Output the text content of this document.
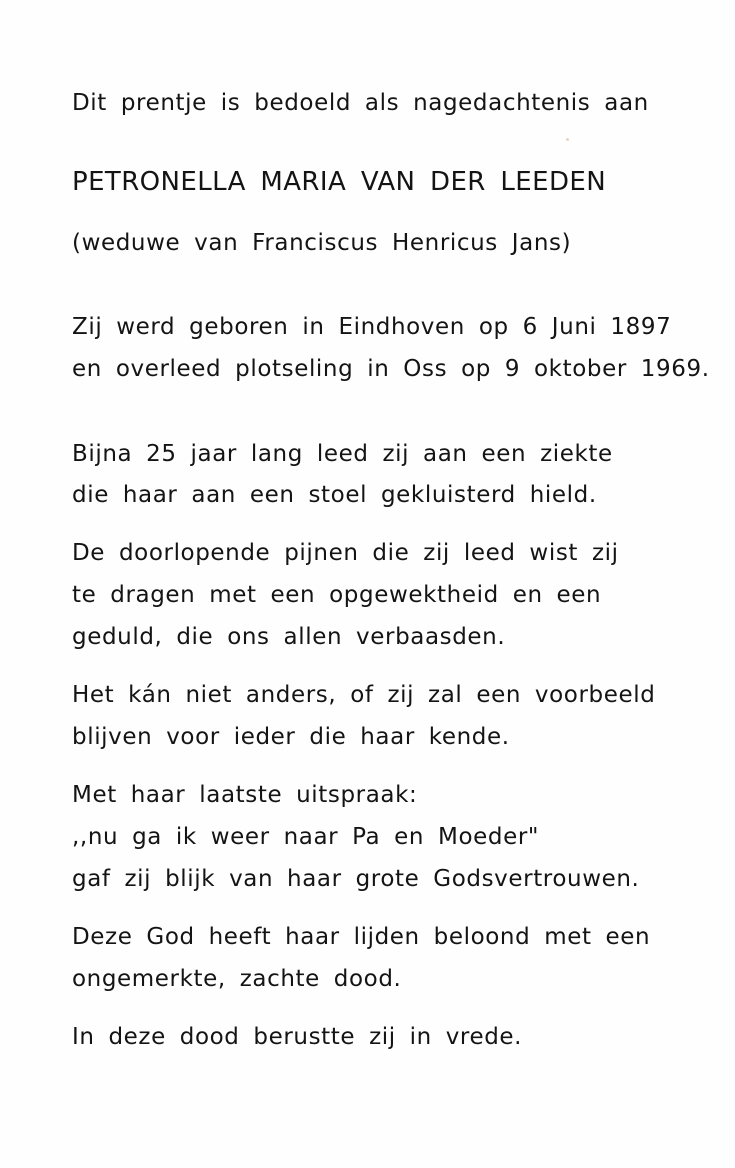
Dit prentje is bedoeld als nagedachtenis aan
PETRONELLA MARIA VAN DER LEEDEN
(weduwe van Franciscus Henricus Jans)
Zij werd geboren in Eindhoven op 6 Juni 1897
en overleed plotseling in Oss op 9 oktober 1969.
Bijna 25 jaar lang leed zij aan een ziekte
die haar aan een stoel gekluisterd hield.
De doorlopende pijnen die zij leed wist zij
te dragen met een opgewektheid en een
geduld, die ons allen verbaasden.
Het kán niet anders, of zij zal een voorbeeld
blijven voor ieder die haar kende.
Met haar laatste uitspraak:
,,nu ga ik weer naar Pa en Moeder"
gaf zij blijk van haar grote Godsvertrouwen.
Deze God heeft haar lijden beloond met een
ongemerkte, zachte dood.
In deze dood berustte zij in vrede.
